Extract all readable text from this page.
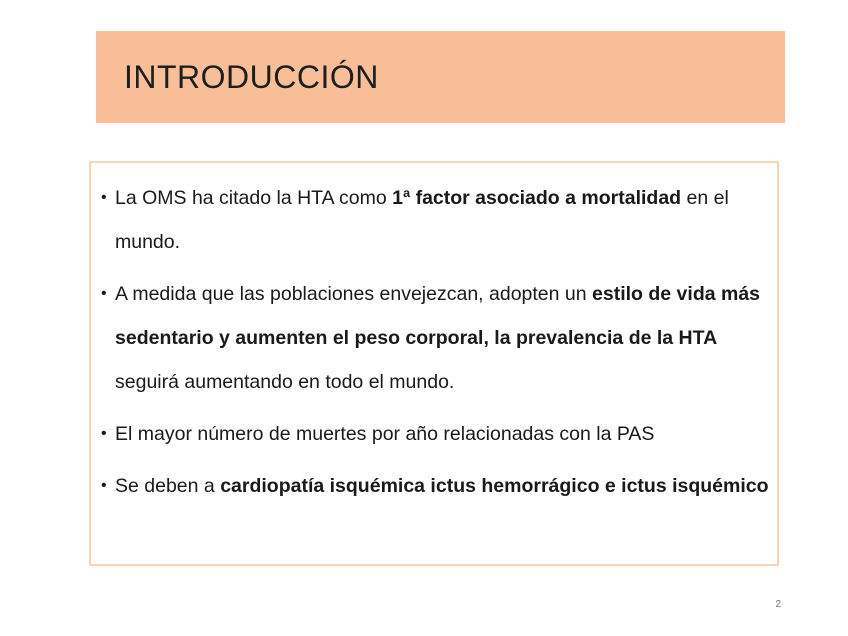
INTRODUCCIÓN
• La OMS ha citado la HTA como 1ª factor asociado a mortalidad en el mundo.
• A medida que las poblaciones envejezcan, adopten un estilo de vida más sedentario y aumenten el peso corporal, la prevalencia de la HTA seguirá aumentando en todo el mundo.
• El mayor número de muertes por año relacionadas con la PAS
• Se deben a cardiopatía isquémica ictus hemorrágico e ictus isquémico
2
